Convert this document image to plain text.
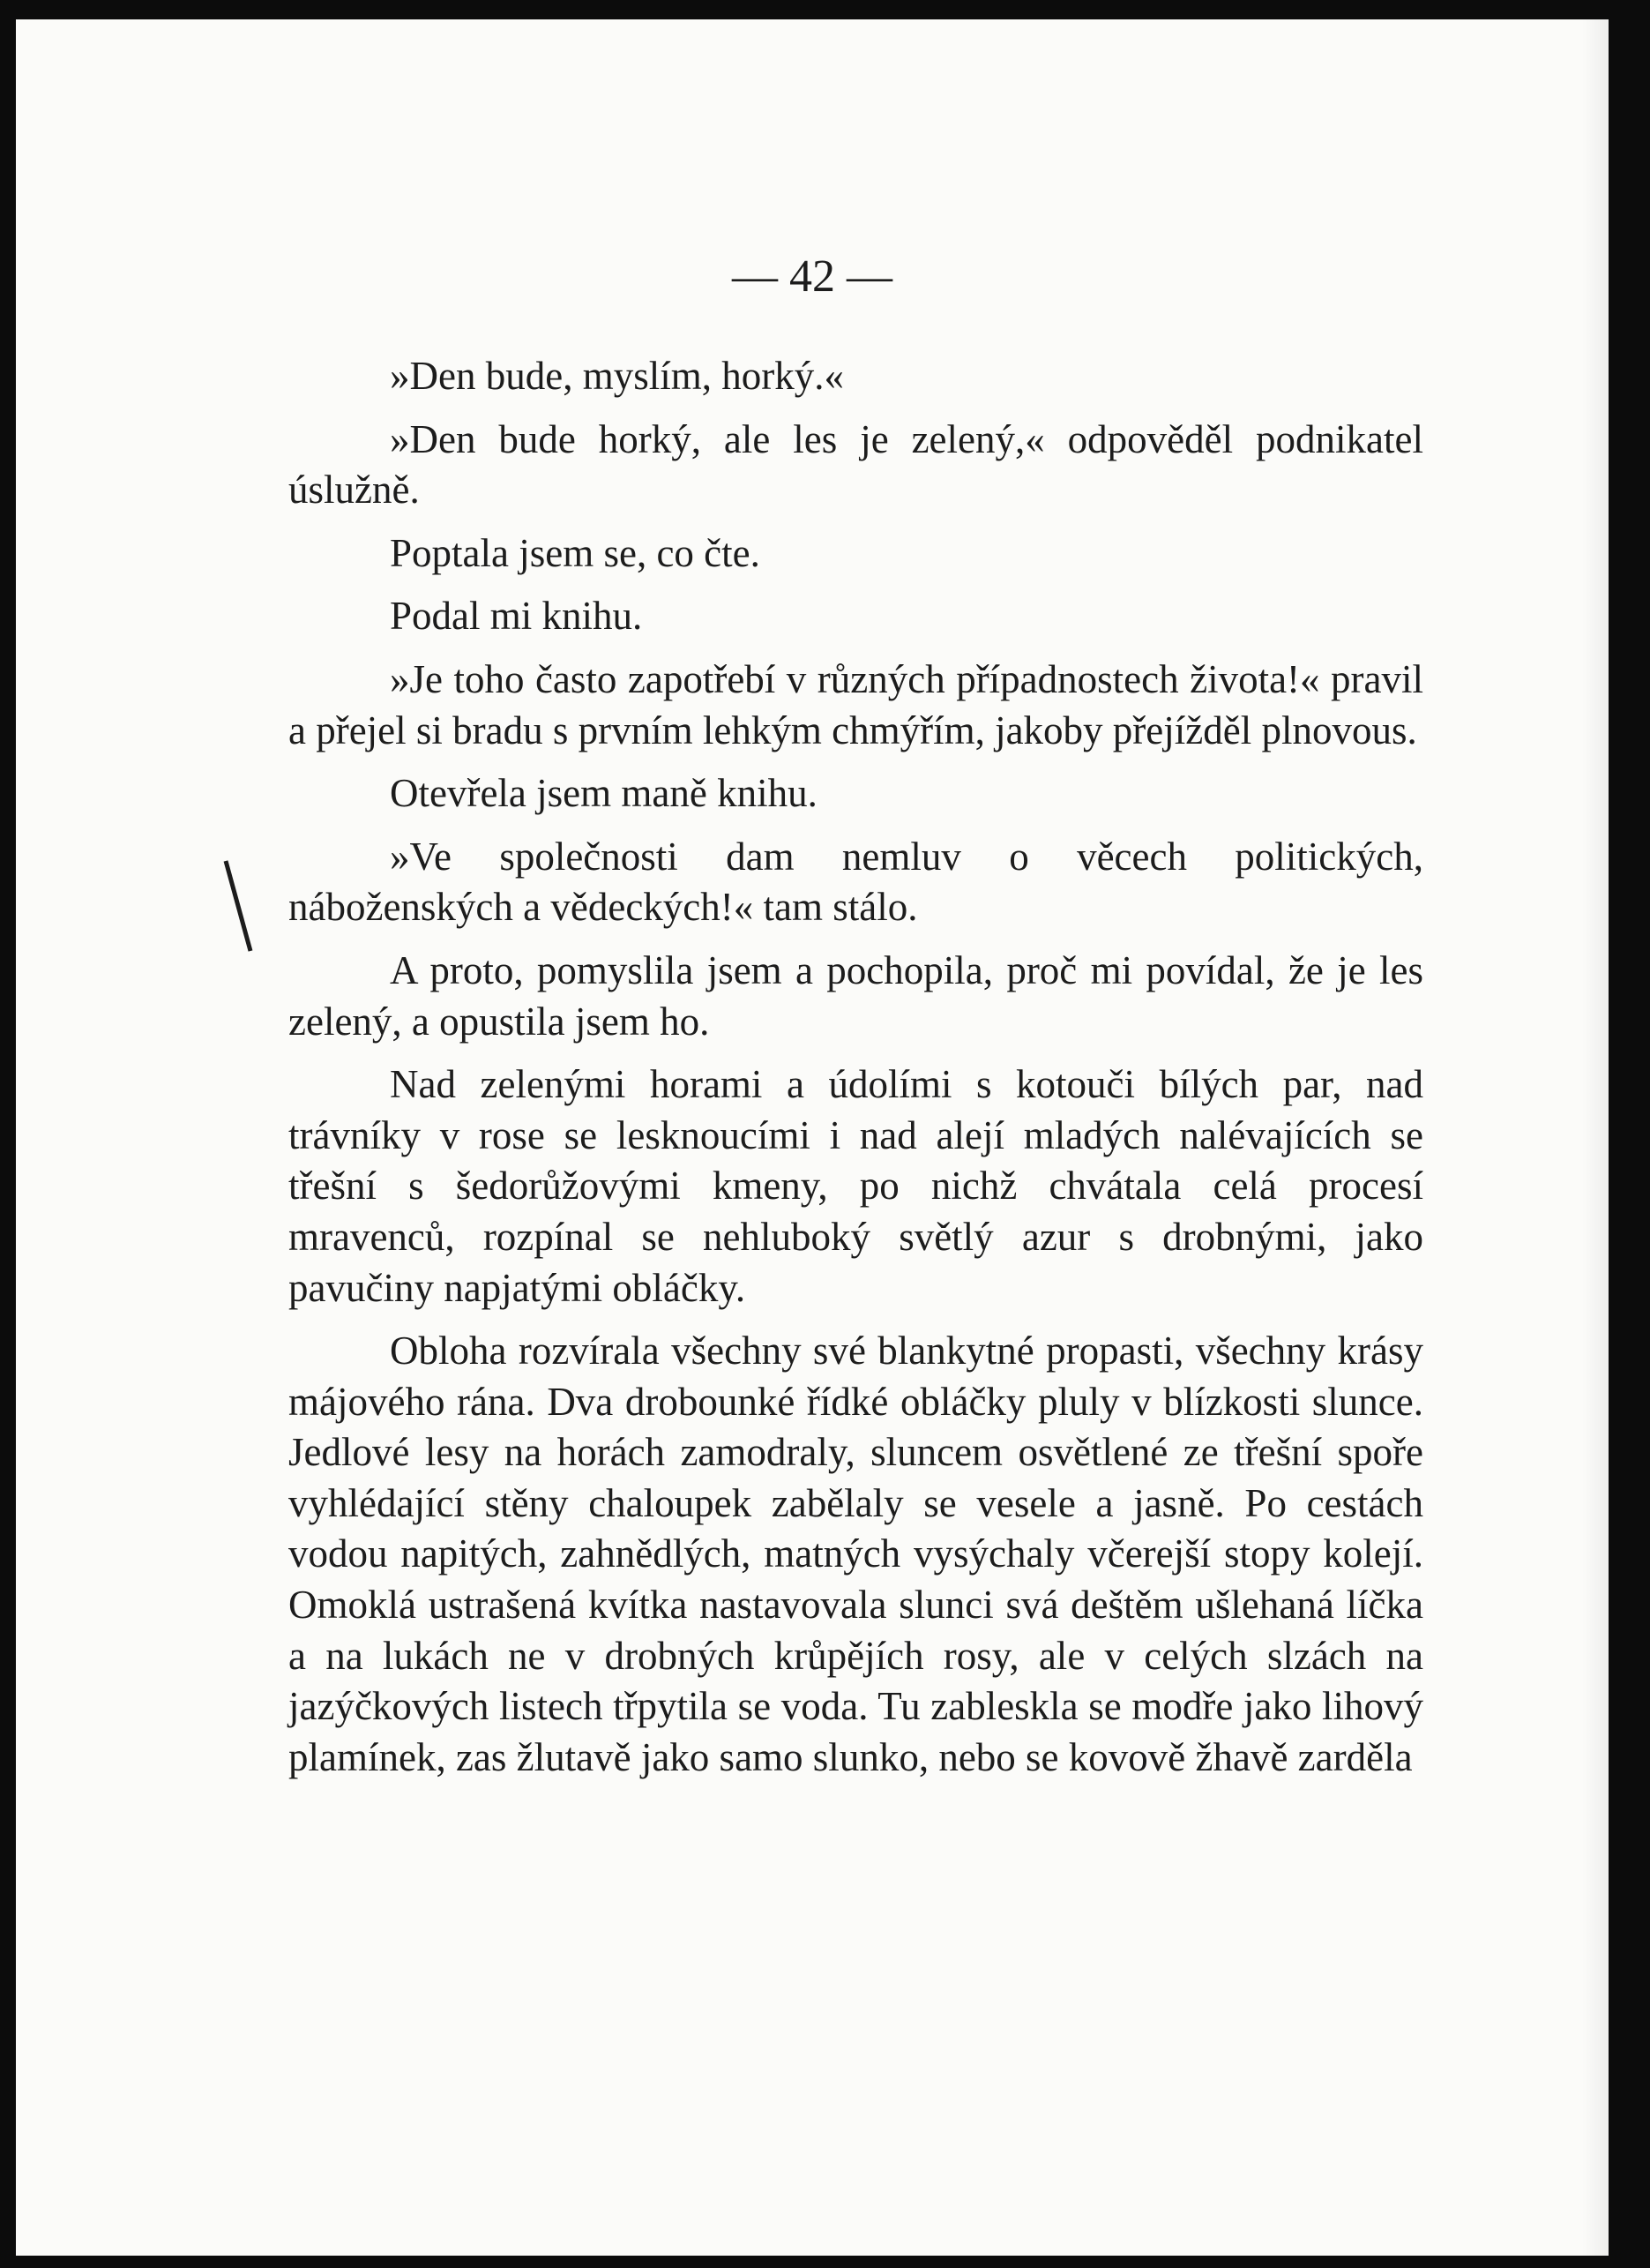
— 42 —

»Den bude, myslím, horký.«

»Den bude horký, ale les je zelený,« odpověděl podnikatel úslužně.

Poptala jsem se, co čte.

Podal mi knihu.

»Je toho často zapotřebí v různých případnostech života!« pravil a přejel si bradu s prvním lehkým chmýřím, jakoby přejížděl plnovous.

Otevřela jsem maně knihu.

»Ve společnosti dam nemluv o věcech politických, náboženských a vědeckých!« tam stálo.

A proto, pomyslila jsem a pochopila, proč mi povídal, že je les zelený, a opustila jsem ho.

Nad zelenými horami a údolími s kotouči bílých par, nad trávníky v rose se lesknoucími i nad alejí mladých nalévajících se třešní s šedorůžovými kmeny, po nichž chvátala celá procesí mravenců, rozpínal se nehluboký světlý azur s drobnými, jako pavučiny napjatými obláčky.

Obloha rozvírala všechny své blankytné propasti, všechny krásy májového rána. Dva drobounké řídké obláčky pluly v blízkosti slunce. Jedlové lesy na horách zamodraly, sluncem osvětlené ze třešní spoře vyhlédající stěny chaloupek zabělaly se vesele a jasně. Po cestách vodou napitých, zahnědlých, matných vysýchaly včerejší stopy kolejí. Omoklá ustrašená kvítka nastavovala slunci svá deštěm ušlehaná líčka a na lukách ne v drobných krůpějích rosy, ale v celých slzách na jazýčkových listech třpytila se voda. Tu zableskla se modře jako lihový plamínek, zas žlutavě jako samo slunko, nebo se kovově žhavě zarděla
